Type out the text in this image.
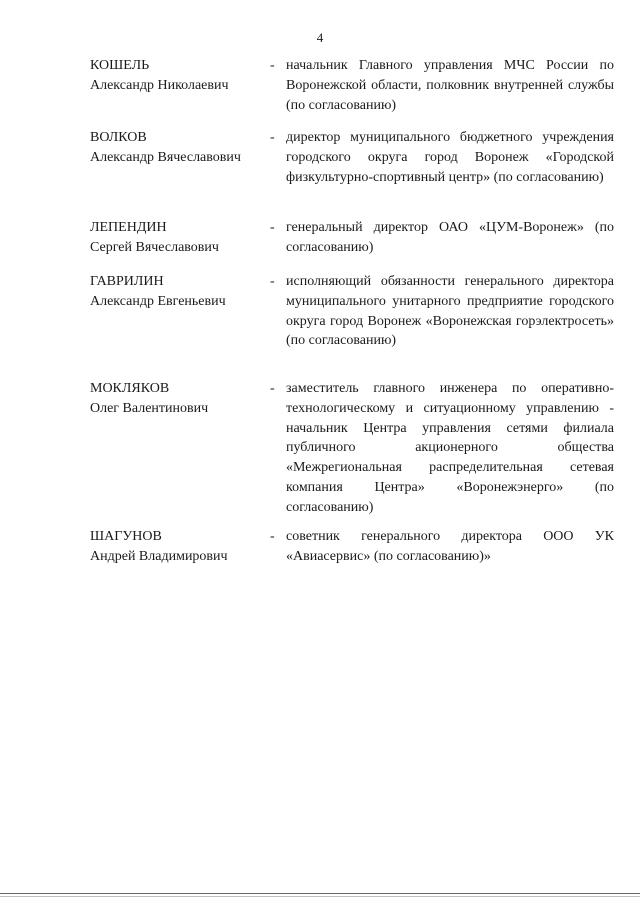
4
КОШЕЛЬ
Александр Николаевич
- начальник Главного управления МЧС России по Воронежской области, полковник внутренней службы (по согласованию)
ВОЛКОВ
Александр Вячеславович
- директор муниципального бюджетного учреждения городского округа город Воронеж «Городской физкультурно-спортивный центр» (по согласованию)
ЛЕПЕНДИН
Сергей Вячеславович
- генеральный директор ОАО «ЦУМ-Воронеж» (по согласованию)
ГАВРИЛИН
Александр Евгеньевич
- исполняющий обязанности генерального директора муниципального унитарного предприятие городского округа город Воронеж «Воронежская горэлектросеть» (по согласованию)
МОКЛЯКОВ
Олег Валентинович
- заместитель главного инженера по оперативно-технологическому и ситуационному управлению - начальник Центра управления сетями филиала публичного акционерного общества «Межрегиональная распределительная сетевая компания Центра» «Воронежэнерго» (по согласованию)
ШАГУНОВ
Андрей Владимирович
- советник генерального директора ООО УК «Авиасервис» (по согласованию)»
